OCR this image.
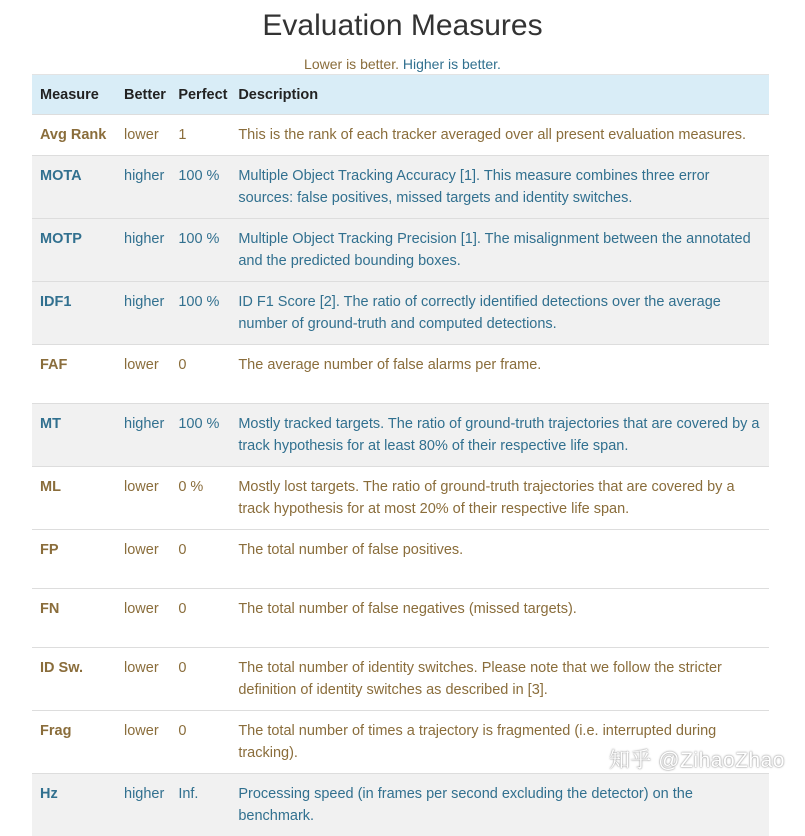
Evaluation Measures
Lower is better. Higher is better.
Measure	Better	Perfect	Description
Avg Rank	lower	1	This is the rank of each tracker averaged over all present evaluation measures.
MOTA	higher	100 %	Multiple Object Tracking Accuracy [1]. This measure combines three error sources: false positives, missed targets and identity switches.
MOTP	higher	100 %	Multiple Object Tracking Precision [1]. The misalignment between the annotated and the predicted bounding boxes.
IDF1	higher	100 %	ID F1 Score [2]. The ratio of correctly identified detections over the average number of ground-truth and computed detections.
FAF	lower	0	The average number of false alarms per frame.
MT	higher	100 %	Mostly tracked targets. The ratio of ground-truth trajectories that are covered by a track hypothesis for at least 80% of their respective life span.
ML	lower	0 %	Mostly lost targets. The ratio of ground-truth trajectories that are covered by a track hypothesis for at most 20% of their respective life span.
FP	lower	0	The total number of false positives.
FN	lower	0	The total number of false negatives (missed targets).
ID Sw.	lower	0	The total number of identity switches. Please note that we follow the stricter definition of identity switches as described in [3].
Frag	lower	0	The total number of times a trajectory is fragmented (i.e. interrupted during tracking).
Hz	higher	Inf.	Processing speed (in frames per second excluding the detector) on the benchmark.
知乎 @ZihaoZhao
